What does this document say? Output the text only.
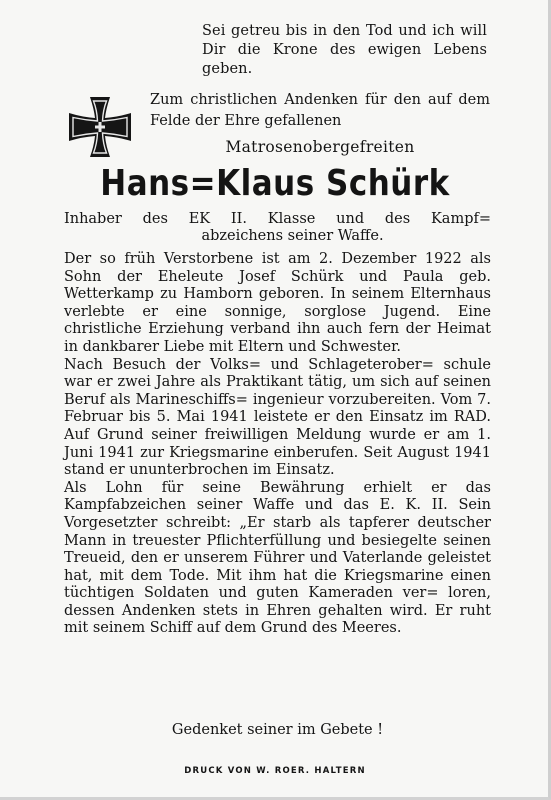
Sei getreu bis in den Tod und ich will Dir die Krone des ewigen Lebens geben.
Zum christlichen Andenken für den auf dem Felde der Ehre gefallenen
Matrosenobergefreiten
Hans=Klaus Schürk
Inhaber des EK II. Klasse und des Kampf=
abzeichens seiner Waffe.

Der so früh Verstorbene ist am 2. Dezember 1922 als Sohn der Eheleute Josef Schürk und Paula geb. Wetterkamp zu Hamborn geboren. In seinem Elternhaus verlebte er eine sonnige, sorglose Jugend. Eine christliche Erziehung verband ihn auch fern der Heimat in dankbarer Liebe mit Eltern und Schwester.

Nach Besuch der Volks= und Schlageterober= schule war er zwei Jahre als Praktikant tätig, um sich auf seinen Beruf als Marineschiffs= ingenieur vorzubereiten. Vom 7. Februar bis 5. Mai 1941 leistete er den Einsatz im RAD. Auf Grund seiner freiwilligen Meldung wurde er am 1. Juni 1941 zur Kriegsmarine einberufen. Seit August 1941 stand er ununterbrochen im Einsatz.

Als Lohn für seine Bewährung erhielt er das Kampfabzeichen seiner Waffe und das E. K. II. Sein Vorgesetzter schreibt: „Er starb als tapferer deutscher Mann in treuester Pflichterfüllung und besiegelte seinen Treueid, den er unserem Führer und Vaterlande geleistet hat, mit dem Tode. Mit ihm hat die Kriegsmarine einen tüchtigen Soldaten und guten Kameraden ver= loren, dessen Andenken stets in Ehren gehalten wird. Er ruht mit seinem Schiff auf dem Grund des Meeres.

Gedenket seiner im Gebete !
DRUCK VON W. ROER. HALTERN
